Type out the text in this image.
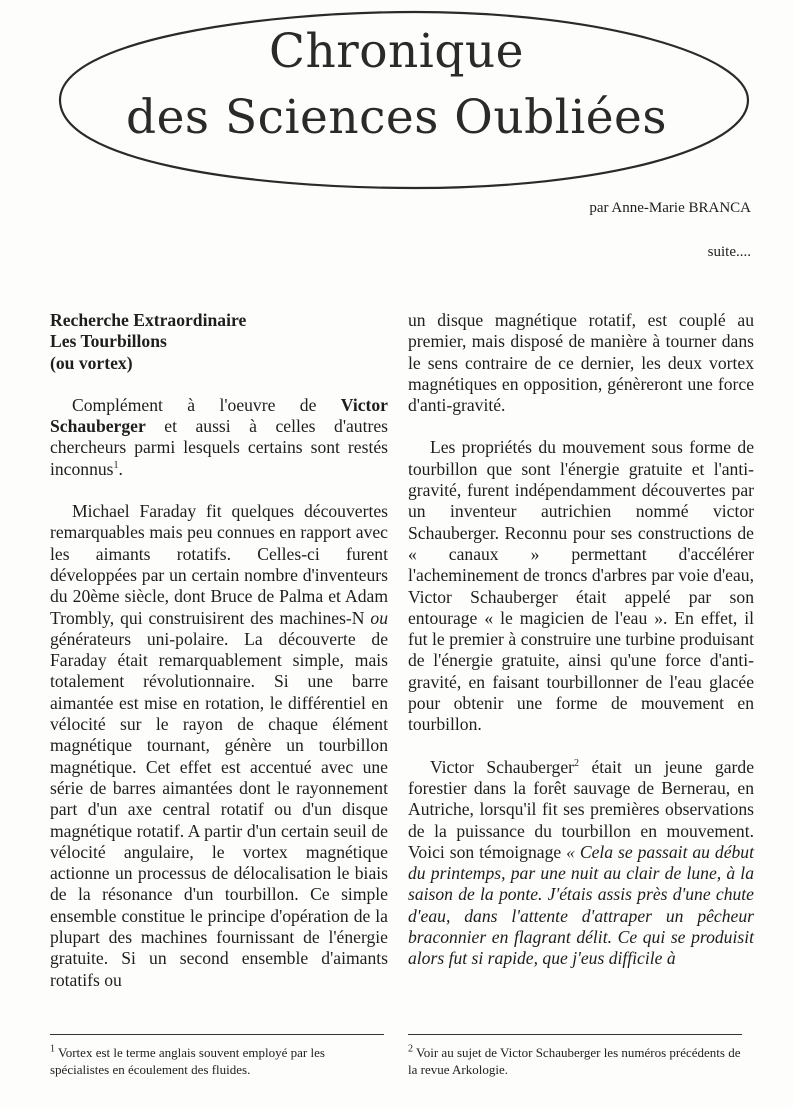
Chronique
des Sciences Oubliées
par Anne-Marie BRANCA
suite....

Recherche Extraordinaire

Les Tourbillons

(ou vortex)

Complément à l'oeuvre de Victor Schauberger et aussi à celles d'autres chercheurs parmi lesquels certains sont restés inconnus$^1$.

Michael Faraday fit quelques découvertes remarquables mais peu connues en rapport avec les aimants rotatifs. Celles-ci furent développées par un certain nombre d'inventeurs du 20ème siècle, dont Bruce de Palma et Adam Trombly, qui construisirent des machines-N ou générateurs uni-polaire. La découverte de Faraday était remarquablement simple, mais totalement révolutionnaire. Si une barre aimantée est mise en rotation, le différentiel en vélocité sur le rayon de chaque élément magnétique tournant, génère un tourbillon magnétique. Cet effet est accentué avec une série de barres aimantées dont le rayonnement part d'un axe central rotatif ou d'un disque magnétique rotatif. A partir d'un certain seuil de vélocité angulaire, le vortex magnétique actionne un processus de délocalisation le biais de la résonance d'un tourbillon. Ce simple ensemble constitue le principe d'opération de la plupart des machines fournissant de l'énergie gratuite. Si un second ensemble d'aimants rotatifs ou

un disque magnétique rotatif, est couplé au premier, mais disposé de manière à tourner dans le sens contraire de ce dernier, les deux vortex magnétiques en opposition, génèreront une force d'anti-gravité.

Les propriétés du mouvement sous forme de tourbillon que sont l'énergie gratuite et l'anti-gravité, furent indépendamment découvertes par un inventeur autrichien nommé victor Schauberger. Reconnu pour ses constructions de « canaux » permettant d'accélérer l'acheminement de troncs d'arbres par voie d'eau, Victor Schauberger était appelé par son entourage « le magicien de l'eau ». En effet, il fut le premier à construire une turbine produisant de l'énergie gratuite, ainsi qu'une force d'anti-gravité, en faisant tourbillonner de l'eau glacée pour obtenir une forme de mouvement en tourbillon.

Victor Schauberger$^2$ était un jeune garde forestier dans la forêt sauvage de Bernerau, en Autriche, lorsqu'il fit ses premières observations de la puissance du tourbillon en mouvement. Voici son témoignage « Cela se passait au début du printemps, par une nuit au clair de lune, à la saison de la ponte. J'étais assis près d'une chute d'eau, dans l'attente d'attraper un pêcheur braconnier en flagrant délit. Ce qui se produisit alors fut si rapide, que j'eus difficile à

$^1$ Vortex est le terme anglais souvent employé par les spécialistes en écoulement des fluides.
$^2$ Voir au sujet de Victor Schauberger les numéros précédents de la revue Arkologie.
